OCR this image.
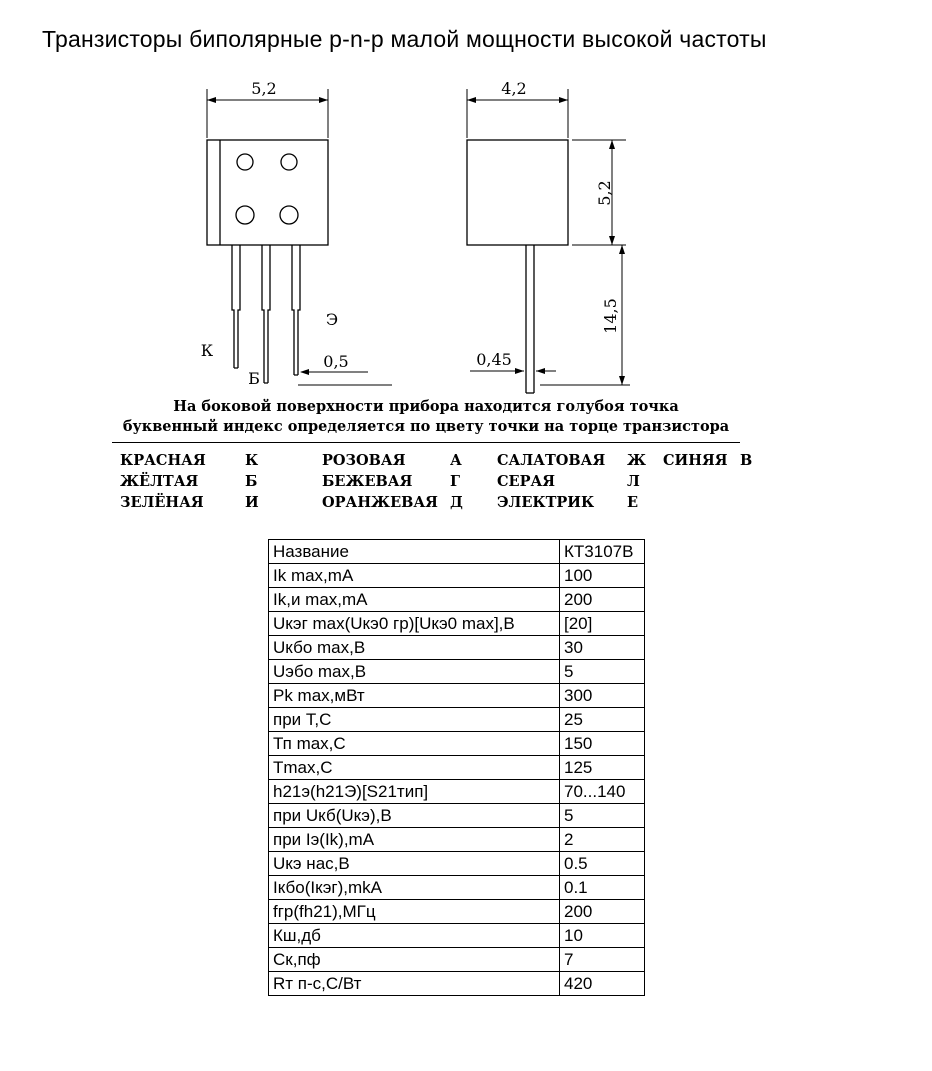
Транзисторы биполярные p-n-p малой мощности высокой частоты
5,2
К
Б
Э
0,5
4,2
5,2
14,5
0,45
На боковой поверхности прибора находится голубоя точка
буквенный индекс определяется по цвету точки на торце транзистора
КРАСНАЯ	К	РОЗОВАЯ	А	САЛАТОВАЯ	Ж	СИНЯЯ В
ЖЁЛТАЯ	Б	БЕЖЕВАЯ	Г	СЕРАЯ	Л
ЗЕЛЁНАЯ	И	ОРАНЖЕВАЯ Д	ЭЛЕКТРИК	Е
Название	КТ3107В
Ik max,mA	100
Ik,и max,mA	200
Uкэг max(Uкэ0 гр)[Uкэ0 max],В	[20]
Uкбо max,В	30
Uэбо max,В	5
Pk max,мВт	300
при Т,С	25
Тп max,С	150
Tmax,С	125
h21э(h21Э)[S21тип]	70...140
при Uкб(Uкэ),В	5
при Iэ(Ik),mA	2
Uкэ нас,В	0.5
Iкбо(Iкэг),mkA	0.1
fгр(fh21),МГц	200
Кш,дб	10
Ск,пф	7
Rт п-с,С/Вт	420
